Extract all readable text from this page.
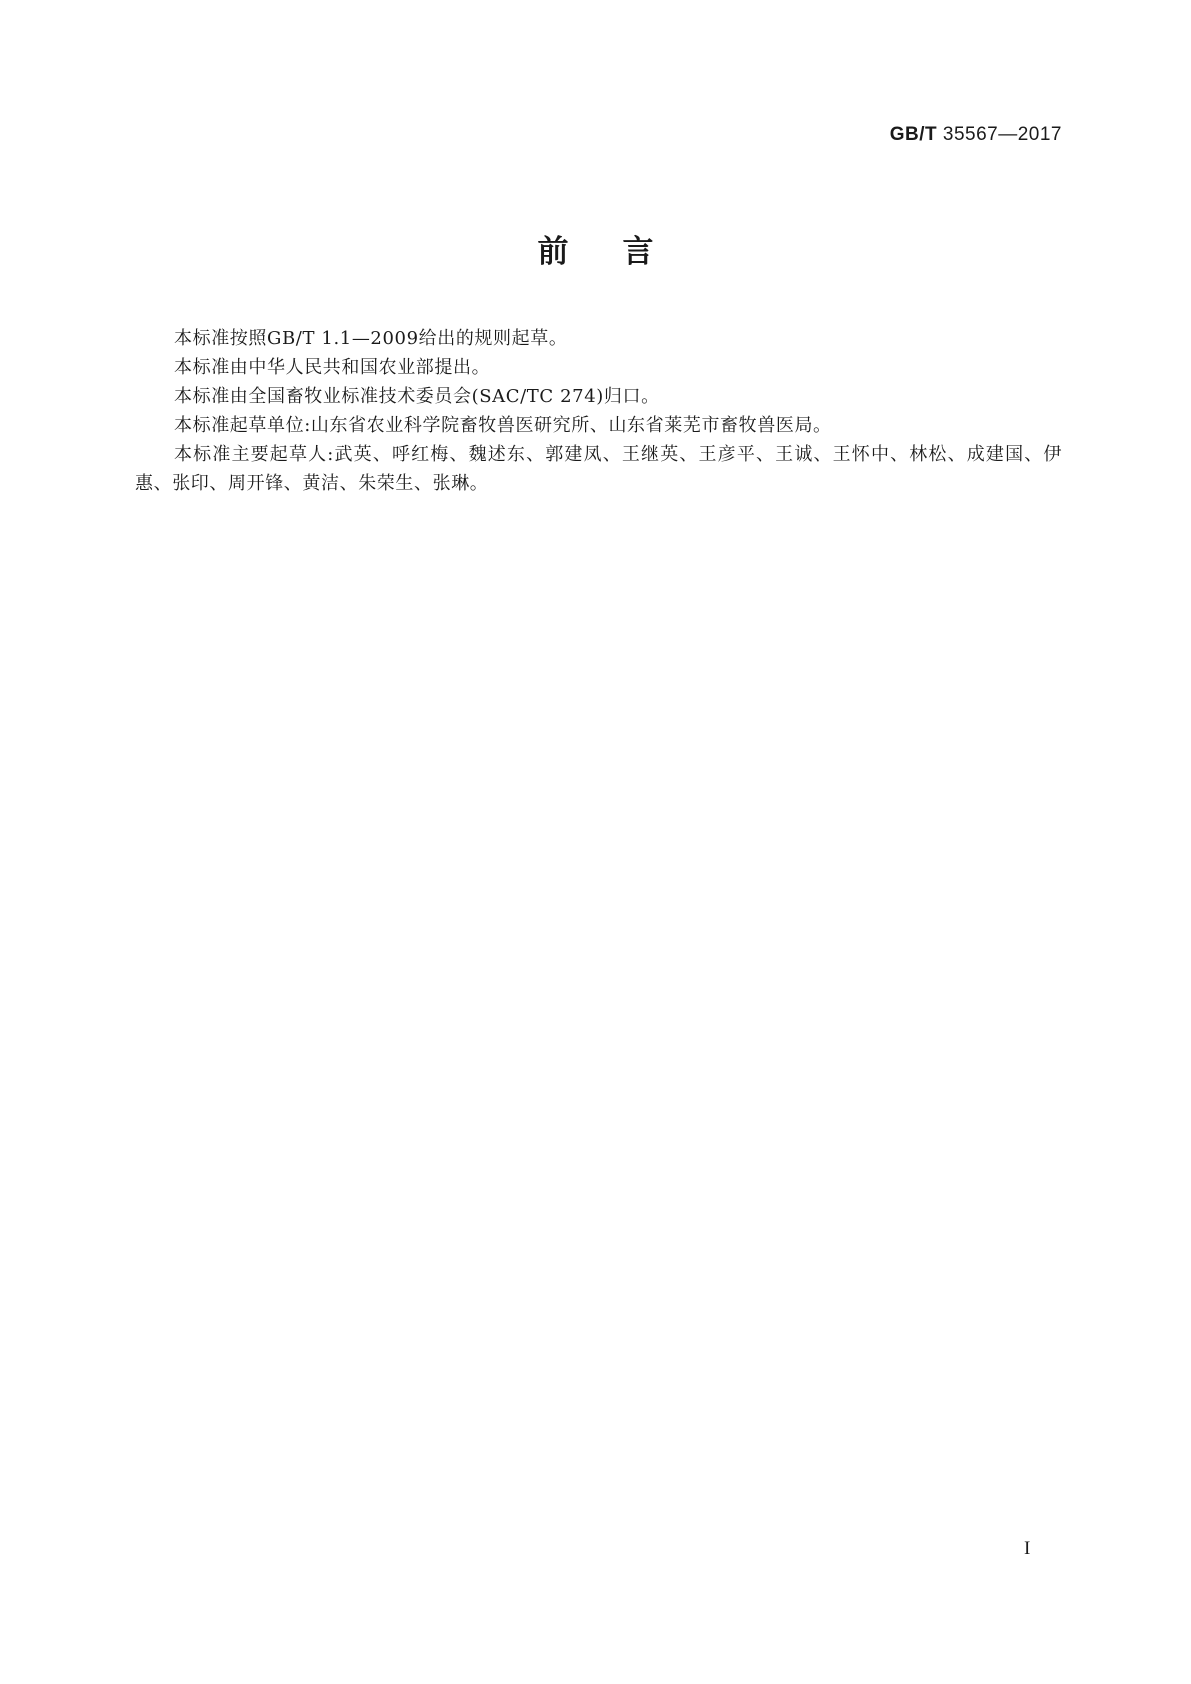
GB/T 35567—2017
前言

本标准按照GB/T 1.1—2009给出的规则起草。

本标准由中华人民共和国农业部提出。

本标准由全国畜牧业标准技术委员会(SAC/TC 274)归口。

本标准起草单位:山东省农业科学院畜牧兽医研究所、山东省莱芜市畜牧兽医局。

本标准主要起草人:武英、呼红梅、魏述东、郭建凤、王继英、王彦平、王诚、王怀中、林松、成建国、伊惠、张印、周开锋、黄洁、朱荣生、张琳。

I
